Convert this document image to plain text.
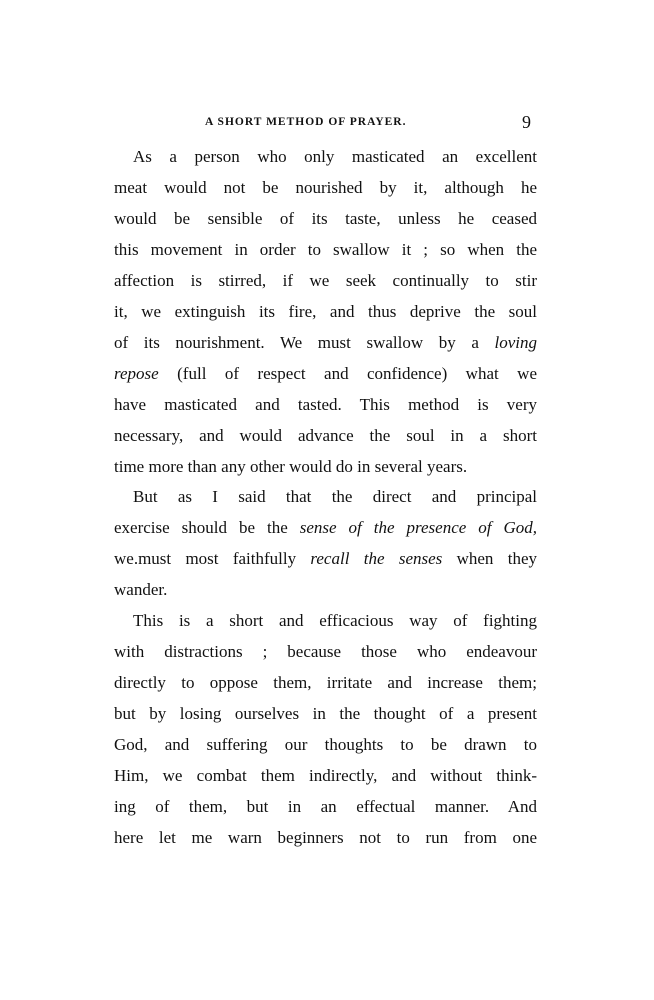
A SHORT METHOD OF PRAYER.	9
As a person who only masticated an excellent
meat would not be nourished by it, although he
would be sensible of its taste, unless he ceased
this movement in order to swallow it ; so when the
affection is stirred, if we seek continually to stir
it, we extinguish its fire, and thus deprive the soul
of its nourishment. We must swallow by a loving
repose (full of respect and confidence) what we
have masticated and tasted. This method is very
necessary, and would advance the soul in a short
time more than any other would do in several years.
But as I said that the direct and principal
exercise should be the sense of the presence of God,
we.must most faithfully recall the senses when they
wander.
This is a short and efficacious way of fighting
with distractions ; because those who endeavour
directly to oppose them, irritate and increase them;
but by losing ourselves in the thought of a present
God, and suffering our thoughts to be drawn to
Him, we combat them indirectly, and without think-
ing of them, but in an effectual manner. And
here let me warn beginners not to run from one
